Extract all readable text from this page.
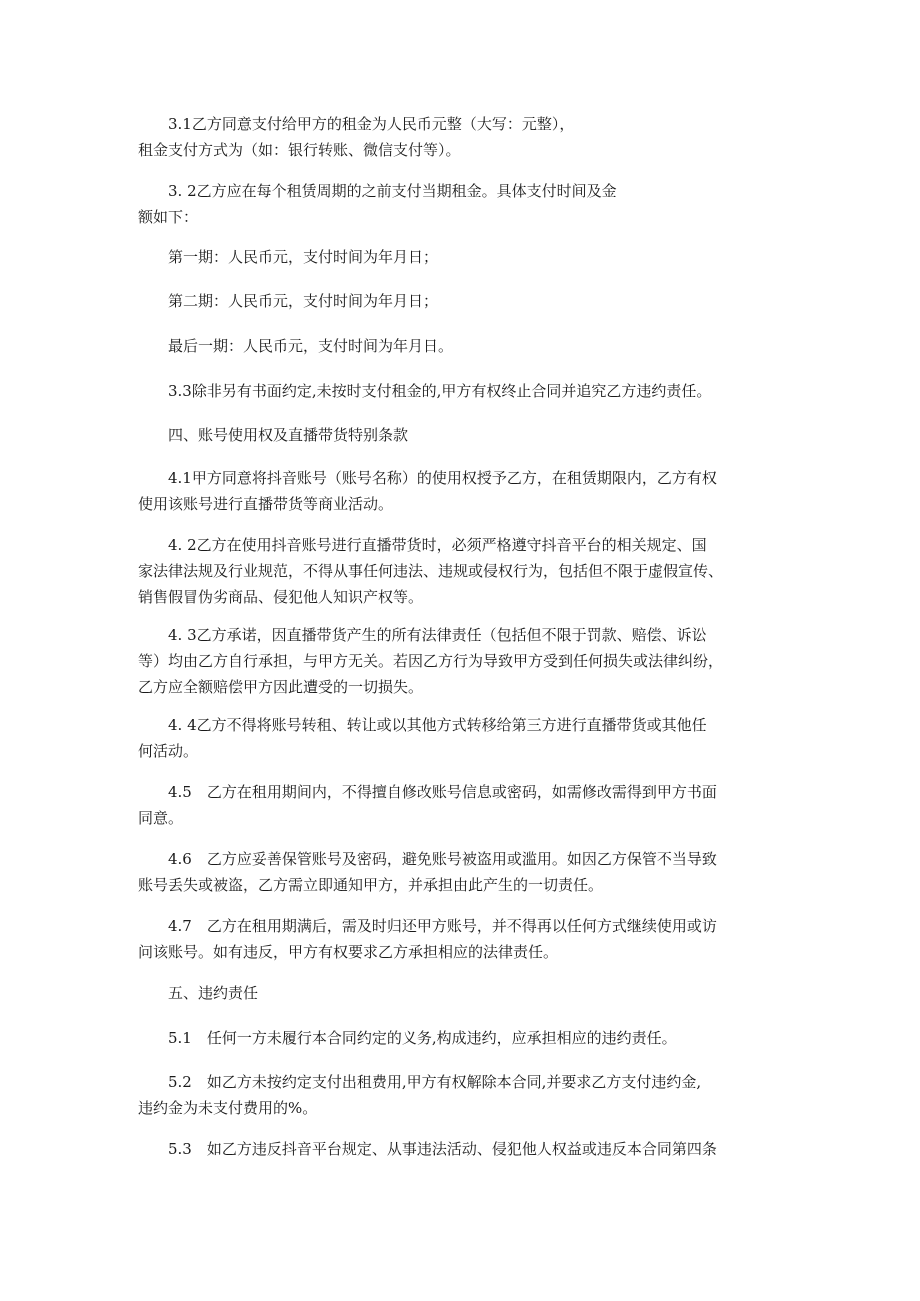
　　3.1乙方同意支付给甲方的租金为人民币元整（大写：元整），
租金支付方式为（如：银行转账、微信支付等）。

　　3. 2乙方应在每个租赁周期的之前支付当期租金。具体支付时间及金
额如下：

　　第一期：人民币元，支付时间为年月日；

　　第二期：人民币元，支付时间为年月日；

　　最后一期：人民币元，支付时间为年月日。

　　3.3除非另有书面约定,未按时支付租金的,甲方有权终止合同并追究乙方违约责任。

　　四、账号使用权及直播带货特别条款

　　4.1甲方同意将抖音账号（账号名称）的使用权授予乙方，在租赁期限内，乙方有权
使用该账号进行直播带货等商业活动。

　　4. 2乙方在使用抖音账号进行直播带货时，必须严格遵守抖音平台的相关规定、国
家法律法规及行业规范，不得从事任何违法、违规或侵权行为，包括但不限于虚假宣传、
销售假冒伪劣商品、侵犯他人知识产权等。

　　4. 3乙方承诺，因直播带货产生的所有法律责任（包括但不限于罚款、赔偿、诉讼
等）均由乙方自行承担，与甲方无关。若因乙方行为导致甲方受到任何损失或法律纠纷，
乙方应全额赔偿甲方因此遭受的一切损失。

　　4. 4乙方不得将账号转租、转让或以其他方式转移给第三方进行直播带货或其他任
何活动。

　　4.5　乙方在租用期间内，不得擅自修改账号信息或密码，如需修改需得到甲方书面
同意。

　　4.6　乙方应妥善保管账号及密码，避免账号被盗用或滥用。如因乙方保管不当导致
账号丢失或被盗，乙方需立即通知甲方，并承担由此产生的一切责任。

　　4.7　乙方在租用期满后，需及时归还甲方账号，并不得再以任何方式继续使用或访
问该账号。如有违反，甲方有权要求乙方承担相应的法律责任。

　　五、违约责任

　　5.1　任何一方未履行本合同约定的义务,构成违约，应承担相应的违约责任。

　　5.2　如乙方未按约定支付出租费用,甲方有权解除本合同,并要求乙方支付违约金,
违约金为未支付费用的%。

　　5.3　如乙方违反抖音平台规定、从事违法活动、侵犯他人权益或违反本合同第四条
